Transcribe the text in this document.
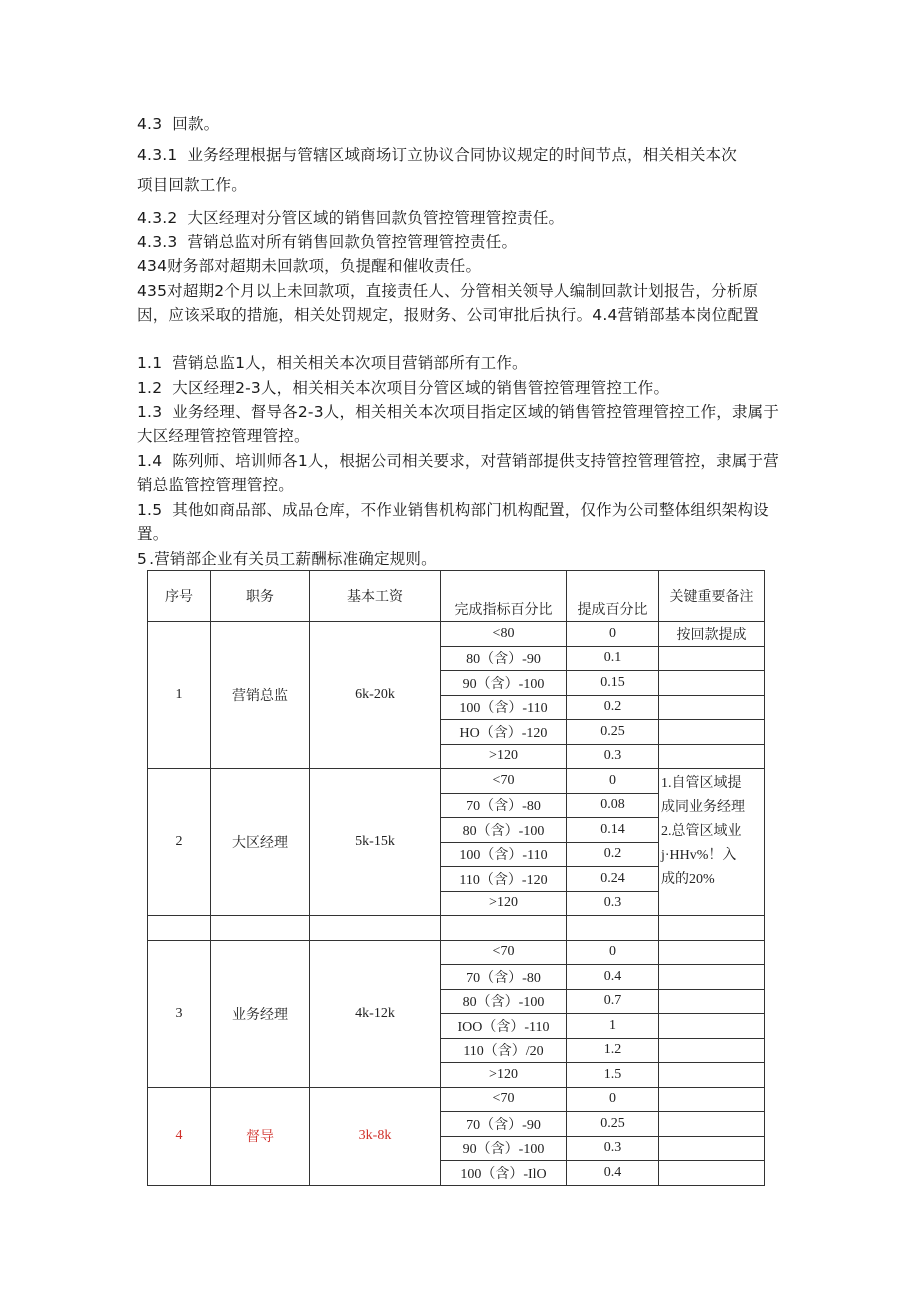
4.3 回款。
4.3.1 业务经理根据与管辖区域商场订立协议合同协议规定的时间节点，相关相关本次
项目回款工作。
4.3.2 大区经理对分管区域的销售回款负管控管理管控责任。
4.3.3 营销总监对所有销售回款负管控管理管控责任。
434财务部对超期未回款项，负提醒和催收责任。
435对超期2个月以上未回款项，直接责任人、分管相关领导人编制回款计划报告，分析原因，应该采取的措施，相关处罚规定，报财务、公司审批后执行。4.4营销部基本岗位配置
1.1 营销总监1人，相关相关本次项目营销部所有工作。
1.2 大区经理2-3人，相关相关本次项目分管区域的销售管控管理管控工作。
1.3 业务经理、督导各2-3人，相关相关本次项目指定区域的销售管控管理管控工作，隶属于大区经理管控管理管控。
1.4 陈列师、培训师各1人，根据公司相关要求，对营销部提供支持管控管理管控，隶属于营销总监管控管理管控。
1.5 其他如商品部、成品仓库，不作业销售机构部门机构配置，仅作为公司整体组织架构设置。
5 .营销部企业有关员工薪酬标准确定规则。
序号	职务	基本工资	完成指标百分比	提成百分比	关键重要备注
1	营销总监	6k-20k	<80	0	按回款提成
			80（含）-90	0.1	
			90（含）-100	0.15	
			100（含）-110	0.2	
			HO（含）-120	0.25	
			>120	0.3	
2	大区经理	5k-15k	<70	0	1.自管区域提
成同业务经理
2.总管区域业
j·HHv%！入
成的20%

			70（含）-80	0.08	
			80（含）-100	0.14	
			100（含）-110	0.2	
			110（含）-120	0.24	
			>120	0.3	

3	业务经理	4k-12k	<70	0	
			70（含）-80	0.4	
			80（含）-100	0.7	
			IOO（含）-110	1	
			110（含）/20	1.2	
			>120	1.5	
4	督导	3k-8k	<70	0	
			70（含）-90	0.25	
			90（含）-100	0.3	
			100（含）-IlO	0.4	
